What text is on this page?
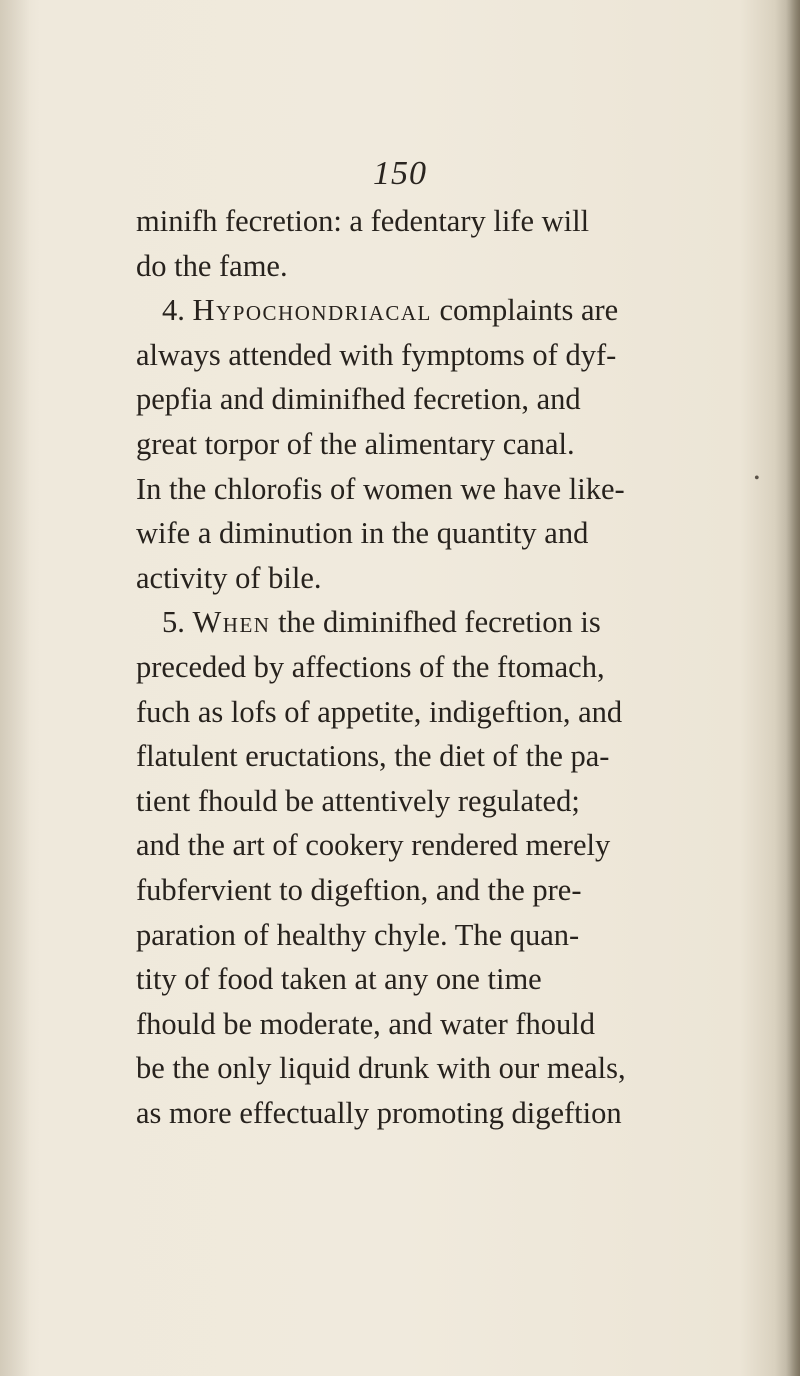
150
minifh fecretion: a fedentary life will
do the fame.
4. Hypochondriacal complaints are
always attended with fymptoms of dyf-
pepfia and diminifhed fecretion, and
great torpor of the alimentary canal.
In the chlorofis of women we have like-
wife a diminution in the quantity and
activity of bile.
5. When the diminifhed fecretion is
preceded by affections of the ftomach,
fuch as lofs of appetite, indigeftion, and
flatulent eructations, the diet of the pa-
tient fhould be attentively regulated;
and the art of cookery rendered merely
fubfervient to digeftion, and the pre-
paration of healthy chyle. The quan-
tity of food taken at any one time
fhould be moderate, and water fhould
be the only liquid drunk with our meals,
as more effectually promoting digeftion
•
